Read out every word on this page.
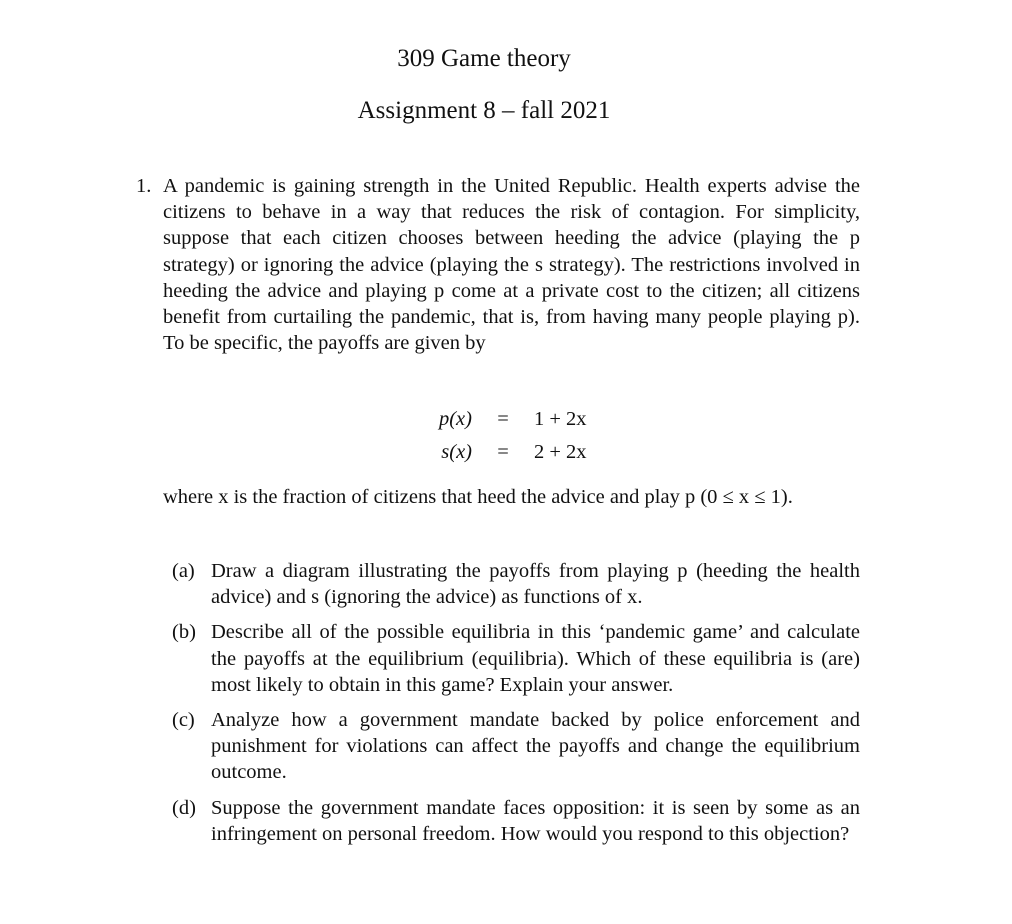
309 Game theory
Assignment 8 – fall 2021
1. A pandemic is gaining strength in the United Republic. Health experts advise the citizens to behave in a way that reduces the risk of contagion. For simplicity, suppose that each citizen chooses between heeding the advice (playing the p strategy) or ignoring the advice (playing the s strategy). The restrictions involved in heeding the advice and playing p come at a private cost to the citizen; all citizens benefit from curtailing the pandemic, that is, from having many people playing p). To be specific, the payoffs are given by

p(x)	=	1 + 2x
s(x)	=	2 + 2x
where x is the fraction of citizens that heed the advice and play p (0 ≤ x ≤ 1).
(a) Draw a diagram illustrating the payoffs from playing p (heeding the health advice) and s (ignoring the advice) as functions of x.
(b) Describe all of the possible equilibria in this ‘pandemic game’ and calculate the payoffs at the equilibrium (equilibria). Which of these equilibria is (are) most likely to obtain in this game? Explain your answer.
(c) Analyze how a government mandate backed by police enforcement and punishment for violations can affect the payoffs and change the equilibrium outcome.
(d) Suppose the government mandate faces opposition: it is seen by some as an infringement on personal freedom. How would you respond to this objection?
